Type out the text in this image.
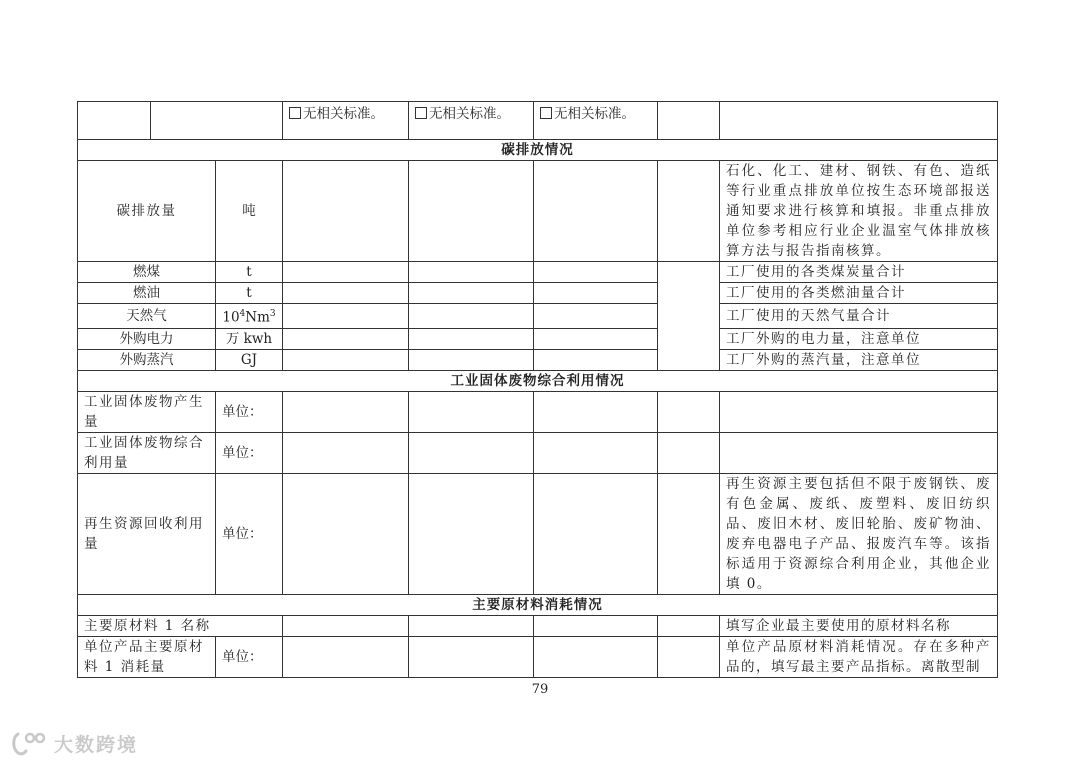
			无相关标准。	无相关标准。	无相关标准。		
碳排放情况							
碳排放量		吨					石化、化工、建材、钢铁、有色、造纸等行业重点排放单位按生态环境部报送通知要求进行核算和填报。非重点排放单位参考相应行业企业温室气体排放核算方法与报告指南核算。
燃煤		t					工厂使用的各类煤炭量合计
燃油		t					工厂使用的各类燃油量合计
天然气		$10^4Nm^3$					工厂使用的天然气量合计
外购电力		万 kwh					工厂外购的电力量，注意单位
外购蒸汽		GJ					工厂外购的蒸汽量，注意单位
工业固体废物综合利用情况							
工业固体废物产生量		单位：					
工业固体废物综合利用量		单位：					
再生资源回收利用量		单位：					再生资源主要包括但不限于废钢铁、废有色金属、废纸、废塑料、废旧纺织品、废旧木材、废旧轮胎、废矿物油、废弃电器电子产品、报废汽车等。该指标适用于资源综合利用企业，其他企业填 0。
主要原材料消耗情况							
主要原材料 1 名称							填写企业最主要使用的原材料名称
单位产品主要原材料 1 消耗量		单位：					单位产品原材料消耗情况。存在多种产品的，填写最主要产品指标。离散型制
79
大数跨境
